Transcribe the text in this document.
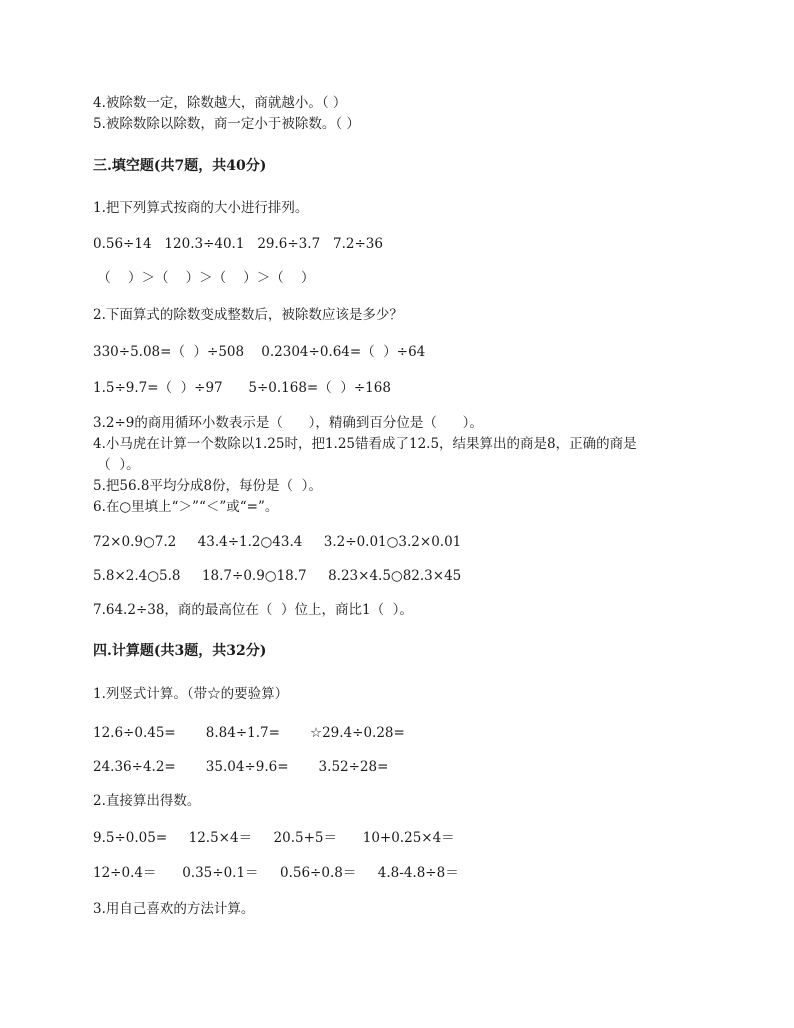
4.被除数一定，除数越大，商就越小。（ ）
5.被除数除以除数，商一定小于被除数。（ ）
三.填空题(共7题，共40分)
1.把下列算式按商的大小进行排列。
0.56÷14   120.3÷40.1   29.6÷3.7   7.2÷36
（    ）＞（    ）＞（    ）＞（    ）
2.下面算式的除数变成整数后，被除数应该是多少？
330÷5.08=（  ）÷508    0.2304÷0.64=（  ）÷64
1.5÷9.7=（  ）÷97      5÷0.168=（  ）÷168
3.2÷9的商用循环小数表示是（      ），精确到百分位是（      ）。
4.小马虎在计算一个数除以1.25时，把1.25错看成了12.5，结果算出的商是8，正确的商是
（  ）。
5.把56.8平均分成8份，每份是（  ）。
6.在○里填上“＞”“＜”或“=”。
72×0.9○7.2     43.4÷1.2○43.4     3.2÷0.01○3.2×0.01
5.8×2.4○5.8     18.7÷0.9○18.7     8.23×4.5○82.3×45
7.64.2÷38，商的最高位在（  ）位上，商比1（  ）。
四.计算题(共3题，共32分)
1.列竖式计算。（带☆的要验算）
12.6÷0.45=       8.84÷1.7=       ☆29.4÷0.28=
24.36÷4.2=       35.04÷9.6=       3.52÷28=
2.直接算出得数。
9.5÷0.05=     12.5×4＝     20.5+5＝      10+0.25×4＝
12÷0.4＝      0.35÷0.1＝     0.56÷0.8＝     4.8-4.8÷8＝
3.用自己喜欢的方法计算。
